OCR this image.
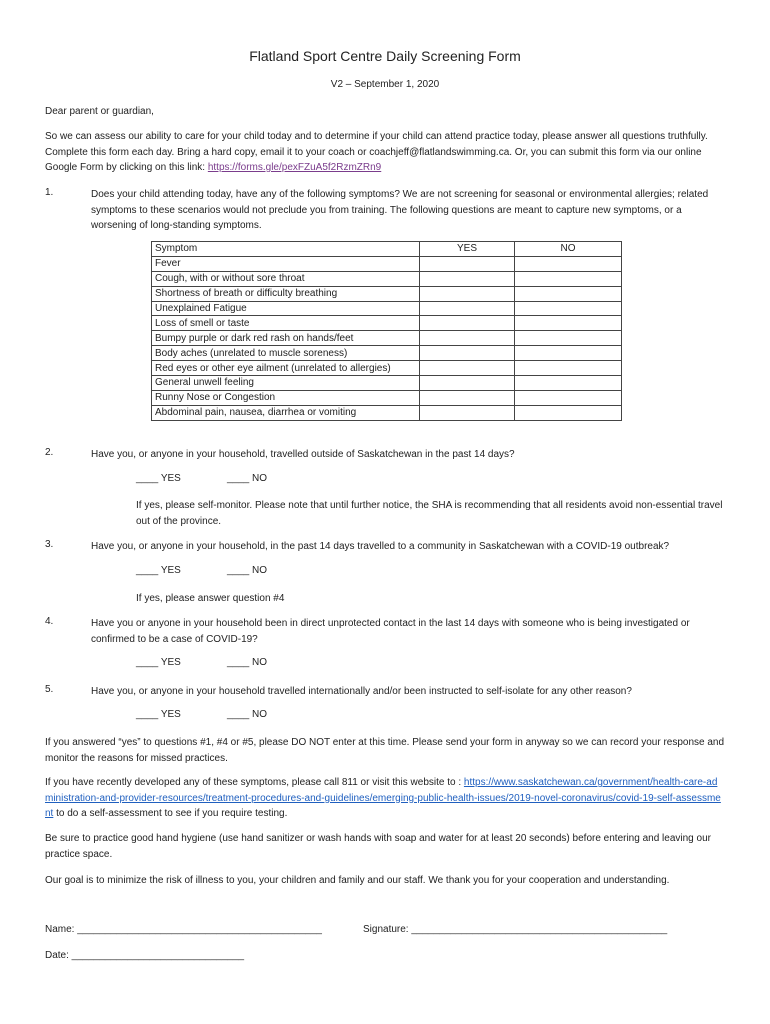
Flatland Sport Centre Daily Screening Form
V2 – September 1, 2020
Dear parent or guardian,
So we can assess our ability to care for your child today and to determine if your child can attend practice today, please answer all questions truthfully. Complete this form each day. Bring a hard copy, email it to your coach or coachjeff@flatlandswimming.ca. Or, you can submit this form via our online Google Form by clicking on this link: https://forms.gle/pexFZuA5f2RzmZRn9
1.	Does your child attending today, have any of the following symptoms? We are not screening for seasonal or environmental allergies; related symptoms to these scenarios would not preclude you from training. The following questions are meant to capture new symptoms, or a worsening of long-standing symptoms.
Symptom	YES	NO
Fever		
Cough, with or without sore throat		
Shortness of breath or difficulty breathing		
Unexplained Fatigue		
Loss of smell or taste		
Bumpy purple or dark red rash on hands/feet		
Body aches (unrelated to muscle soreness)		
Red eyes or other eye ailment (unrelated to allergies)		
General unwell feeling		
Runny Nose or Congestion		
Abdominal pain, nausea, diarrhea or vomiting		
2.	Have you, or anyone in your household, travelled outside of Saskatchewan in the past 14 days?
____ YES	____ NO
If yes, please self-monitor. Please note that until further notice, the SHA is recommending that all residents avoid non-essential travel out of the province.
3.	Have you, or anyone in your household, in the past 14 days travelled to a community in Saskatchewan with a COVID-19 outbreak?
____ YES	____ NO
If yes, please answer question #4
4.	Have you or anyone in your household been in direct unprotected contact in the last 14 days with someone who is being investigated or confirmed to be a case of COVID-19?
____ YES	____ NO
5.	Have you, or anyone in your household travelled internationally and/or been instructed to self-isolate for any other reason?
____ YES	____ NO
If you answered “yes” to questions #1, #4 or #5, please DO NOT enter at this time. Please send your form in anyway so we can record your response and monitor the reasons for missed practices.
If you have recently developed any of these symptoms, please call 811 or visit this website to : https://www.saskatchewan.ca/government/health-care-administration-and-provider-resources/treatment-procedures-and-guidelines/emerging-public-health-issues/2019-novel-coronavirus/covid-19-self-assessment to do a self-assessment to see if you require testing.
Be sure to practice good hand hygiene (use hand sanitizer or wash hands with soap and water for at least 20 seconds) before entering and leaving our practice space.
Our goal is to minimize the risk of illness to you, your children and family and our staff. We thank you for your cooperation and understanding.
Name: ____________________________________________	Signature: ______________________________________________
Date: _______________________________
